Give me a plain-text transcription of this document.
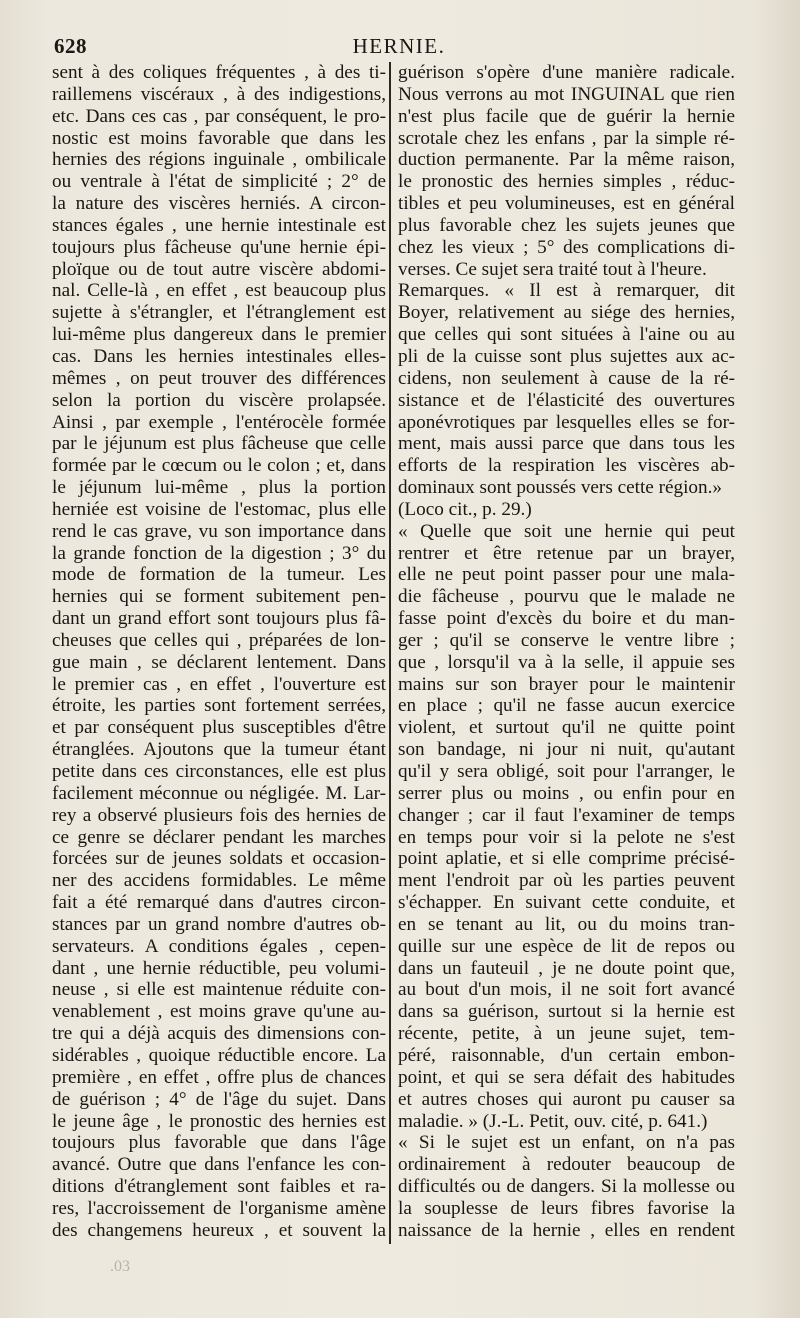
628	HERNIE.
sent à des coliques fréquentes , à des ti-
raillemens viscéraux , à des indigestions,
etc. Dans ces cas , par conséquent, le pro-
nostic est moins favorable que dans les
hernies des régions inguinale , ombilicale
ou ventrale à l'état de simplicité ; 2° de
la nature des viscères herniés. A circon-
stances égales , une hernie intestinale est
toujours plus fâcheuse qu'une hernie épi-
ploïque ou de tout autre viscère abdomi-
nal. Celle-là , en effet , est beaucoup plus
sujette à s'étrangler, et l'étranglement est
lui-même plus dangereux dans le premier
cas. Dans les hernies intestinales elles-
mêmes , on peut trouver des différences
selon la portion du viscère prolapsée.
Ainsi , par exemple , l'entérocèle formée
par le jéjunum est plus fâcheuse que celle
formée par le cœcum ou le colon ; et, dans
le jéjunum lui-même , plus la portion
herniée est voisine de l'estomac, plus elle
rend le cas grave, vu son importance dans
la grande fonction de la digestion ; 3° du
mode de formation de la tumeur. Les
hernies qui se forment subitement pen-
dant un grand effort sont toujours plus fâ-
cheuses que celles qui , préparées de lon-
gue main , se déclarent lentement. Dans
le premier cas , en effet , l'ouverture est
étroite, les parties sont fortement serrées,
et par conséquent plus susceptibles d'être
étranglées. Ajoutons que la tumeur étant
petite dans ces circonstances, elle est plus
facilement méconnue ou négligée. M. Lar-
rey a observé plusieurs fois des hernies de
ce genre se déclarer pendant les marches
forcées sur de jeunes soldats et occasion-
ner des accidens formidables. Le même
fait a été remarqué dans d'autres circon-
stances par un grand nombre d'autres ob-
servateurs. A conditions égales , cepen-
dant , une hernie réductible, peu volumi-
neuse , si elle est maintenue réduite con-
venablement , est moins grave qu'une au-
tre qui a déjà acquis des dimensions con-
sidérables , quoique réductible encore. La
première , en effet , offre plus de chances
de guérison ; 4° de l'âge du sujet. Dans
le jeune âge , le pronostic des hernies est
toujours plus favorable que dans l'âge
avancé. Outre que dans l'enfance les con-
ditions d'étranglement sont faibles et ra-
res, l'accroissement de l'organisme amène
des changemens heureux , et souvent la
guérison s'opère d'une manière radicale.
Nous verrons au mot INGUINAL que rien
n'est plus facile que de guérir la hernie
scrotale chez les enfans , par la simple ré-
duction permanente. Par la même raison,
le pronostic des hernies simples , réduc-
tibles et peu volumineuses, est en général
plus favorable chez les sujets jeunes que
chez les vieux ; 5° des complications di-
verses. Ce sujet sera traité tout à l'heure.
Remarques. « Il est à remarquer, dit
Boyer, relativement au siége des hernies,
que celles qui sont situées à l'aine ou au
pli de la cuisse sont plus sujettes aux ac-
cidens, non seulement à cause de la ré-
sistance et de l'élasticité des ouvertures
aponévrotiques par lesquelles elles se for-
ment, mais aussi parce que dans tous les
efforts de la respiration les viscères ab-
dominaux sont poussés vers cette région.»
(Loco cit., p. 29.)
« Quelle que soit une hernie qui peut
rentrer et être retenue par un brayer,
elle ne peut point passer pour une mala-
die fâcheuse , pourvu que le malade ne
fasse point d'excès du boire et du man-
ger ; qu'il se conserve le ventre libre ;
que , lorsqu'il va à la selle, il appuie ses
mains sur son brayer pour le maintenir
en place ; qu'il ne fasse aucun exercice
violent, et surtout qu'il ne quitte point
son bandage, ni jour ni nuit, qu'autant
qu'il y sera obligé, soit pour l'arranger, le
serrer plus ou moins , ou enfin pour en
changer ; car il faut l'examiner de temps
en temps pour voir si la pelote ne s'est
point aplatie, et si elle comprime précisé-
ment l'endroit par où les parties peuvent
s'échapper. En suivant cette conduite, et
en se tenant au lit, ou du moins tran-
quille sur une espèce de lit de repos ou
dans un fauteuil , je ne doute point que,
au bout d'un mois, il ne soit fort avancé
dans sa guérison, surtout si la hernie est
récente, petite, à un jeune sujet, tem-
péré, raisonnable, d'un certain embon-
point, et qui se sera défait des habitudes
et autres choses qui auront pu causer sa
maladie. » (J.-L. Petit, ouv. cité, p. 641.)
« Si le sujet est un enfant, on n'a pas
ordinairement à redouter beaucoup de
difficultés ou de dangers. Si la mollesse ou
la souplesse de leurs fibres favorise la
naissance de la hernie , elles en rendent
.03
